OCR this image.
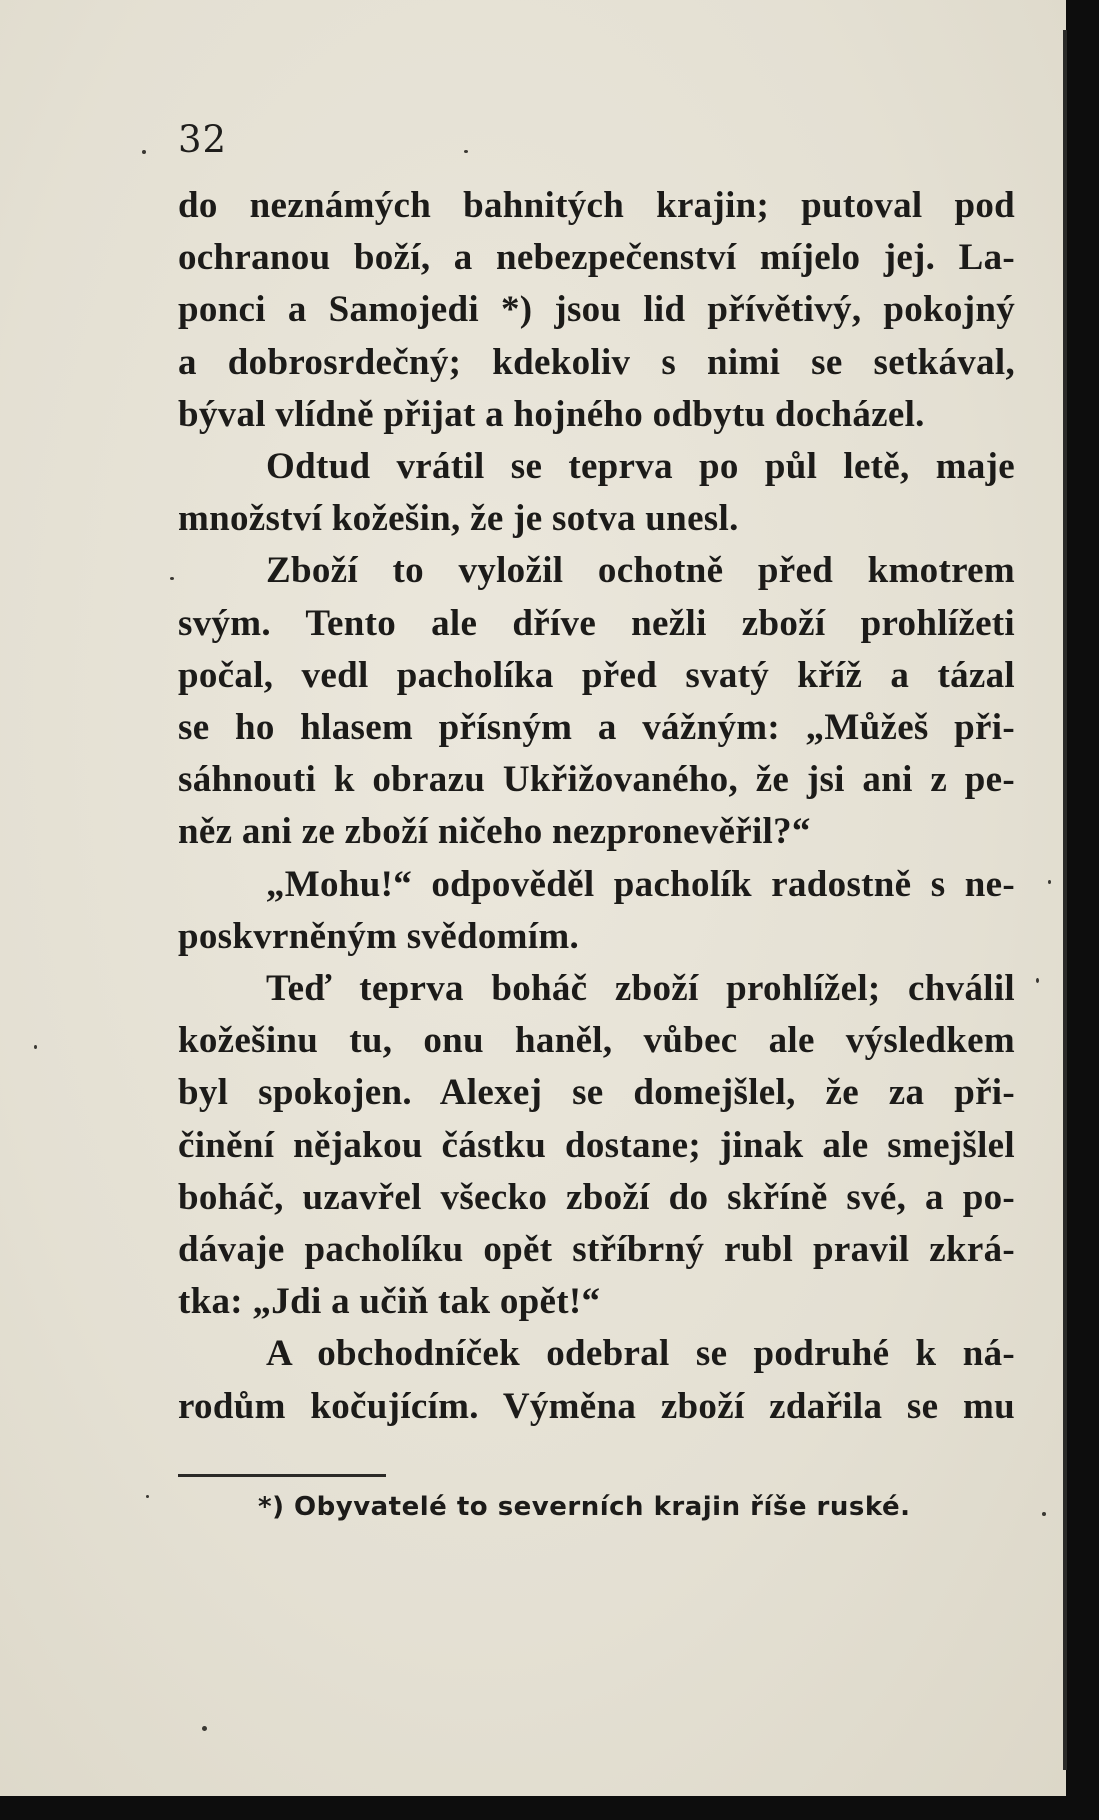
32
do neznámých bahnitých krajin; putoval pod
ochranou boží, a nebezpečenství míjelo jej. La-
ponci a Samojedi *) jsou lid přívětivý, pokojný
a dobrosrdečný; kdekoliv s nimi se setkával,
býval vlídně přijat a hojného odbytu docházel.
Odtud vrátil se teprva po půl letě, maje
množství kožešin, že je sotva unesl.
Zboží to vyložil ochotně před kmotrem
svým. Tento ale dříve nežli zboží prohlížeti
počal, vedl pacholíka před svatý kříž a tázal
se ho hlasem přísným a vážným: „Můžeš při-
sáhnouti k obrazu Ukřižovaného, že jsi ani z pe-
něz ani ze zboží ničeho nezpronevěřil?“
„Mohu!“ odpověděl pacholík radostně s ne-
poskvrněným svědomím.
Teď teprva boháč zboží prohlížel; chválil
kožešinu tu, onu haněl, vůbec ale výsledkem
byl spokojen. Alexej se domejšlel, že za při-
činění nějakou částku dostane; jinak ale smejšlel
boháč, uzavřel všecko zboží do skříně své, a po-
dávaje pacholíku opět stříbrný rubl pravil zkrá-
tka: „Jdi a učiň tak opět!“
A obchodníček odebral se podruhé k ná-
rodům kočujícím. Výměna zboží zdařila se mu
*) Obyvatelé to severních krajin říše ruské.
